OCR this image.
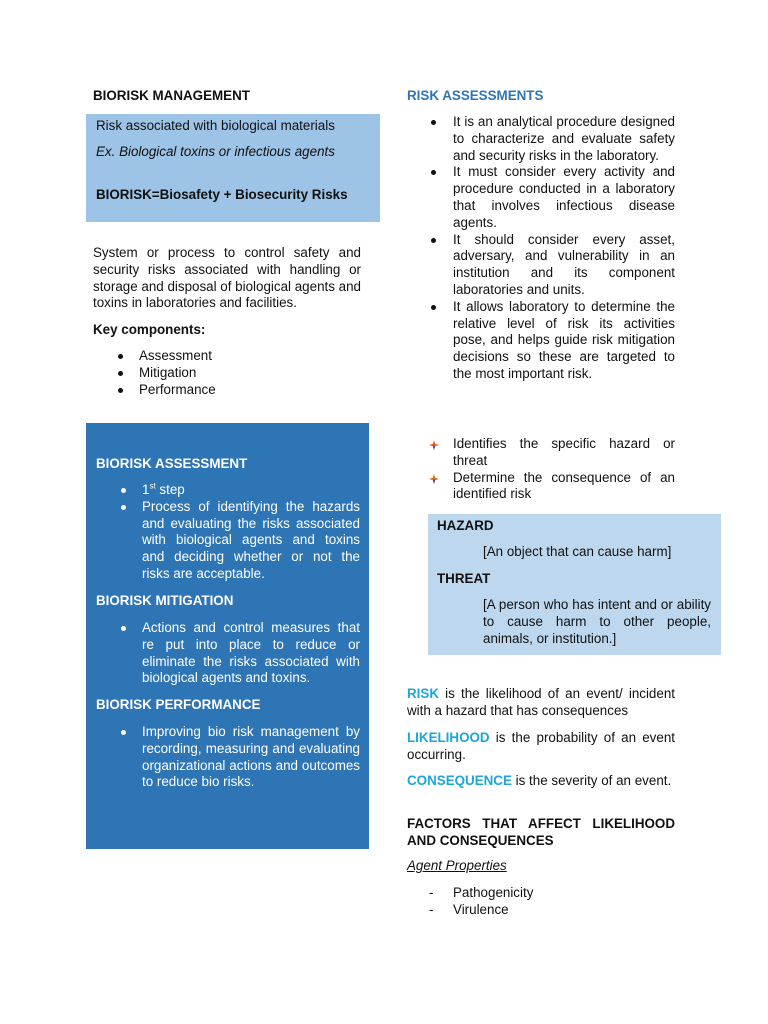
BIORISK MANAGEMENT
Risk associated with biological materials
Ex. Biological toxins or infectious agents
BIORISK=Biosafety + Biosecurity Risks
System or process to control safety and security risks associated with handling or storage and disposal of biological agents and toxins in laboratories and facilities.
Key components:
Assessment
Mitigation
Performance
BIORISK ASSESSMENT
1st step
Process of identifying the hazards and evaluating the risks associated with biological agents and toxins and deciding whether or not the risks are acceptable.
BIORISK MITIGATION
Actions and control measures that re put into place to reduce or eliminate the risks associated with biological agents and toxins.
BIORISK PERFORMANCE
Improving bio risk management by recording, measuring and evaluating organizational actions and outcomes to reduce bio risks.
RISK ASSESSMENTS
It is an analytical procedure designed to characterize and evaluate safety and security risks in the laboratory.
It must consider every activity and procedure conducted in a laboratory that involves infectious disease agents.
It should consider every asset, adversary, and vulnerability in an institution and its component laboratories and units.
It allows laboratory to determine the relative level of risk its activities pose, and helps guide risk mitigation decisions so these are targeted to the most important risk.
Identifies the specific hazard or threat
Determine the consequence of an identified risk
HAZARD
[An object that can cause harm]
THREAT
[A person who has intent and or ability to cause harm to other people, animals, or institution.]
RISK is the likelihood of an event/ incident with a hazard that has consequences
LIKELIHOOD is the probability of an event occurring.
CONSEQUENCE is the severity of an event.
FACTORS THAT AFFECT LIKELIHOOD AND CONSEQUENCES
Agent Properties
- Pathogenicity
- Virulence
